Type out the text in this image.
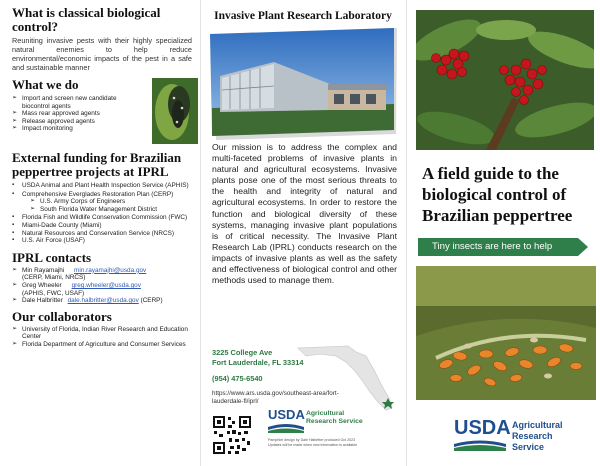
What is classical biological control?

Reuniting invasive pests with their highly specialized natural enemies to help reduce environmental/economic impacts of the pest in a safe and sustainable manner

What we do
➢ Import and screen new candidate biocontrol agents
➢ Mass rear approved agents
➢ Release approved agents
➢ Impact monitoring
External funding for Brazilian peppertree projects at IPRL
▪ USDA Animal and Plant Health Inspection Service (APHIS)
▪ Comprehensive Everglades Restoration Plan (CERP)
➢ U.S. Army Corps of Engineers
➢ South Florida Water Management District
▪ Florida Fish and Wildlife Conservation Commission (FWC)
▪ Miami-Dade County (Miami)
▪ Natural Resources and Conservation Service (NRCS)
▪ U.S. Air Force (USAF)
IPRL contacts
➢ Min Rayamajhi min.rayamajhi@usda.gov
(CERP, Miami, NRCS)
➢ Greg Wheeler greg.wheeler@usda.gov
(APHIS, FWC, USAF)
➢ Dale Halbritter dale.halbritter@usda.gov (CERP)
Our collaborators
➢ University of Florida, Indian River Research and Education Center
➢ Florida Department of Agriculture and Consumer Services
Invasive Plant Research Laboratory

Our mission is to address the complex and multi-faceted problems of invasive plants in natural and agricultural ecosystems. Invasive plants pose one of the most serious threats to the health and integrity of natural and agricultural ecosystems. In order to restore the function and biological diversity of these systems, managing invasive plant populations is of critical necessity. The Invasive Plant Research Lab (IPRL) conducts research on the impacts of invasive plants as well as the safety and effectiveness of biological control and other methods used to manage them.

3225 College Ave
Fort Lauderdale, FL 33314
(954) 475-6540
https://www.ars.usda.gov/southeast-area/fort-lauderdale-fl/iprl/
USDA Agricultural Research Service
Pamphlet design by Dale Halbritter produced Oct 2023
Updates will be made when new information is available
A field guide to the biological control of Brazilian peppertree
Tiny insects are here to help
USDA Agricultural Research Service
